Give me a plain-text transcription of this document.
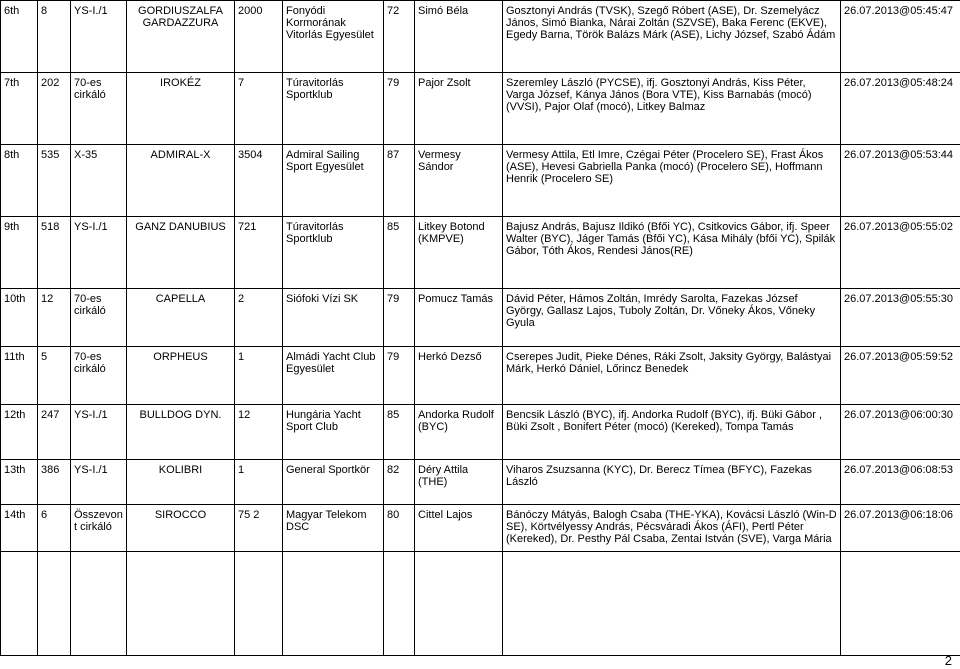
6th	8	YS-I./1	GORDIUSZALFA GARDAZZURA	2000	Fonyódi Kormorának Vitorlás Egyesület	72	Simó Béla	Gosztonyi András (TVSK), Szegő Róbert (ASE), Dr. Szemelyácz János, Simó Bianka, Nárai Zoltán (SZVSE), Baka Ferenc (EKVE), Egedy Barna, Török Balázs Márk (ASE), Lichy József, Szabó Ádám	26.07.2013@05:45:47
7th	202	70-es cirkáló	IROKÉZ	7	Túravitorlás Sportklub	79	Pajor Zsolt	Szeremley László (PYCSE), ifj. Gosztonyi András, Kiss Péter, Varga József, Kánya János (Bora VTE), Kiss Barnabás (mocó) (VVSI), Pajor Olaf (mocó), Litkey Balmaz	26.07.2013@05:48:24
8th	535	X-35	ADMIRAL-X	3504	Admiral Sailing Sport Egyesület	87	Vermesy Sándor	Vermesy Attila, Etl Imre, Czégai Péter (Procelero SE), Frast Ákos (ASE), Hevesi Gabriella Panka (mocó) (Procelero SE), Hoffmann Henrik (Procelero SE)	26.07.2013@05:53:44
9th	518	YS-I./1	GANZ DANUBIUS	721	Túravitorlás Sportklub	85	Litkey Botond (KMPVE)	Bajusz András, Bajusz Ildikó (Bfői YC), Csitkovics Gábor, ifj. Speer Walter (BYC), Jáger Tamás (Bfői YC), Kása Mihály (bfői YC), Spilák Gábor, Tóth Ákos, Rendesi János(RE)	26.07.2013@05:55:02
10th	12	70-es cirkáló	CAPELLA	2	Siófoki Vízi SK	79	Pomucz Tamás	Dávid Péter, Hámos Zoltán, Imrédy Sarolta, Fazekas József György, Gallasz Lajos, Tuboly Zoltán, Dr. Vőneky Ákos, Vőneky Gyula	26.07.2013@05:55:30
11th	5	70-es cirkáló	ORPHEUS	1	Almádi Yacht Club Egyesület	79	Herkó Dezső	Cserepes Judit, Pieke Dénes, Ráki Zsolt, Jaksity György, Balástyai Márk, Herkó Dániel, Lőrincz Benedek	26.07.2013@05:59:52
12th	247	YS-I./1	BULLDOG DYN.	12	Hungária Yacht Sport Club	85	Andorka Rudolf (BYC)	Bencsik László (BYC), ifj. Andorka Rudolf (BYC), ifj. Büki Gábor , Büki Zsolt , Bonifert Péter (mocó) (Kereked), Tompa Tamás	26.07.2013@06:00:30
13th	386	YS-I./1	KOLIBRI	1	General Sportkör	82	Déry Attila (THE)	Viharos Zsuzsanna (KYC), Dr. Berecz Tímea (BFYC), Fazekas László	26.07.2013@06:08:53
14th	6	Összevont cirkáló	SIROCCO	75 2	Magyar Telekom DSC	80	Cittel Lajos	Bánóczy Mátyás, Balogh Csaba (THE-YKA), Kovácsi László (Win-D SE), Körtvélyessy András, Pécsváradi Ákos (ÁFI), Pertl Péter (Kereked), Dr. Pesthy Pál Csaba, Zentai István (SVE), Varga Mária	26.07.2013@06:18:06

2
